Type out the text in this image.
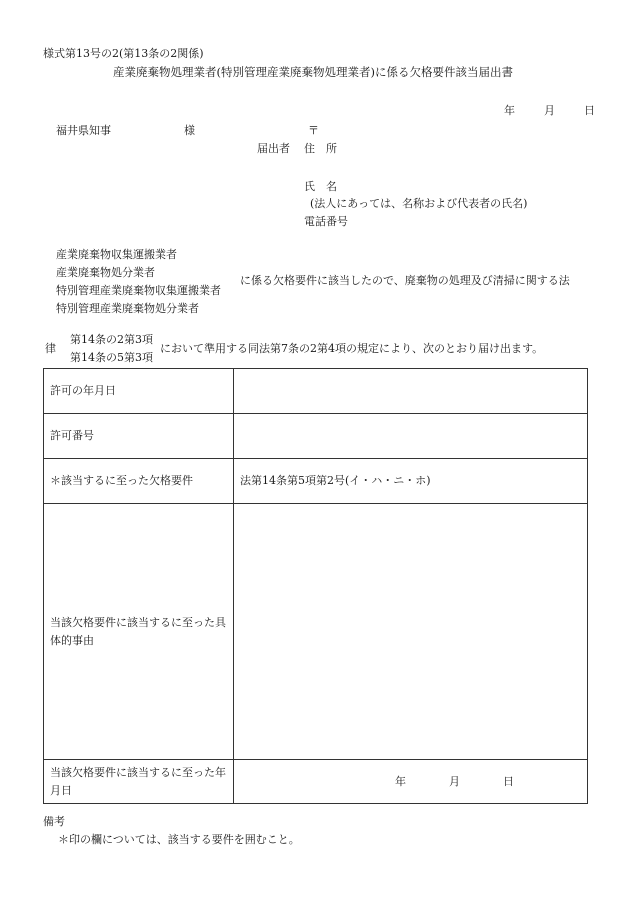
様式第13号の2(第13条の2関係)
産業廃棄物処理業者(特別管理産業廃棄物処理業者)に係る欠格要件該当届出書
年	月	日
福井県知事	様	〒
届出者 住　所
氏　名
(法人にあっては、名称および代表者の氏名)
電話番号
産業廃棄物収集運搬業者
産業廃棄物処分業者
特別管理産業廃棄物収集運搬業者
特別管理産業廃棄物処分業者
に係る欠格要件に該当したので、廃棄物の処理及び清掃に関する法
律
第14条の2第3項
第14条の5第3項
において準用する同法第7条の2第4項の規定により、次のとおり届け出ます。
許可の年月日	
許可番号	
＊該当するに至った欠格要件	法第14条第5項第2号(イ・ハ・ニ・ホ)
当該欠格要件に該当するに至った具体的事由	
当該欠格要件に該当するに至った年月日	年 月 日
備考
＊印の欄については、該当する要件を囲むこと。
